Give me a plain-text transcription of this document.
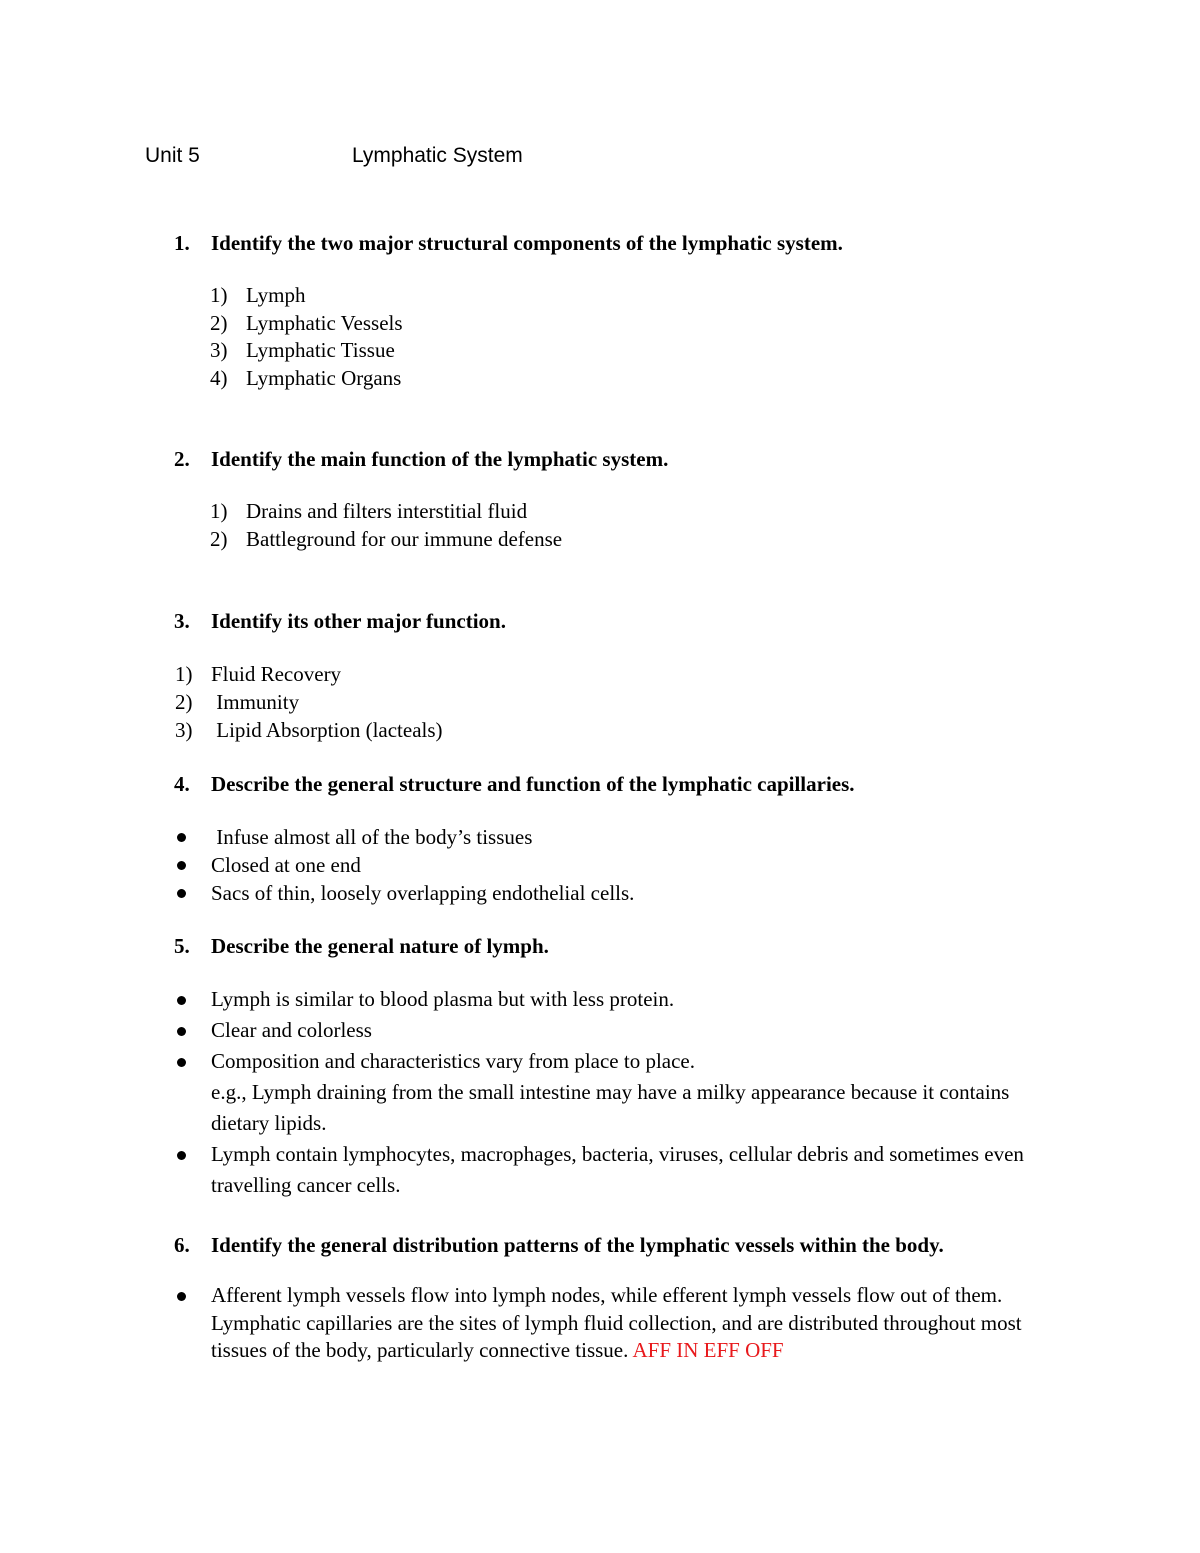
Unit 5	Lymphatic System
1. Identify the two major structural components of the lymphatic system.
1) Lymph
2) Lymphatic Vessels
3) Lymphatic Tissue
4) Lymphatic Organs
2. Identify the main function of the lymphatic system.
1) Drains and filters interstitial fluid
2) Battleground for our immune defense
3. Identify its other major function.
1) Fluid Recovery
2) Immunity
3) Lipid Absorption (lacteals)
4. Describe the general structure and function of the lymphatic capillaries.
Infuse almost all of the body’s tissues
Closed at one end
Sacs of thin, loosely overlapping endothelial cells.
5. Describe the general nature of lymph.
Lymph is similar to blood plasma but with less protein.
Clear and colorless
Composition and characteristics vary from place to place.
e.g., Lymph draining from the small intestine may have a milky appearance because it contains dietary lipids.
Lymph contain lymphocytes, macrophages, bacteria, viruses, cellular debris and sometimes even travelling cancer cells.
6. Identify the general distribution patterns of the lymphatic vessels within the body.
Afferent lymph vessels flow into lymph nodes, while efferent lymph vessels flow out of them. Lymphatic capillaries are the sites of lymph fluid collection, and are distributed throughout most tissues of the body, particularly connective tissue. AFF IN EFF OFF
